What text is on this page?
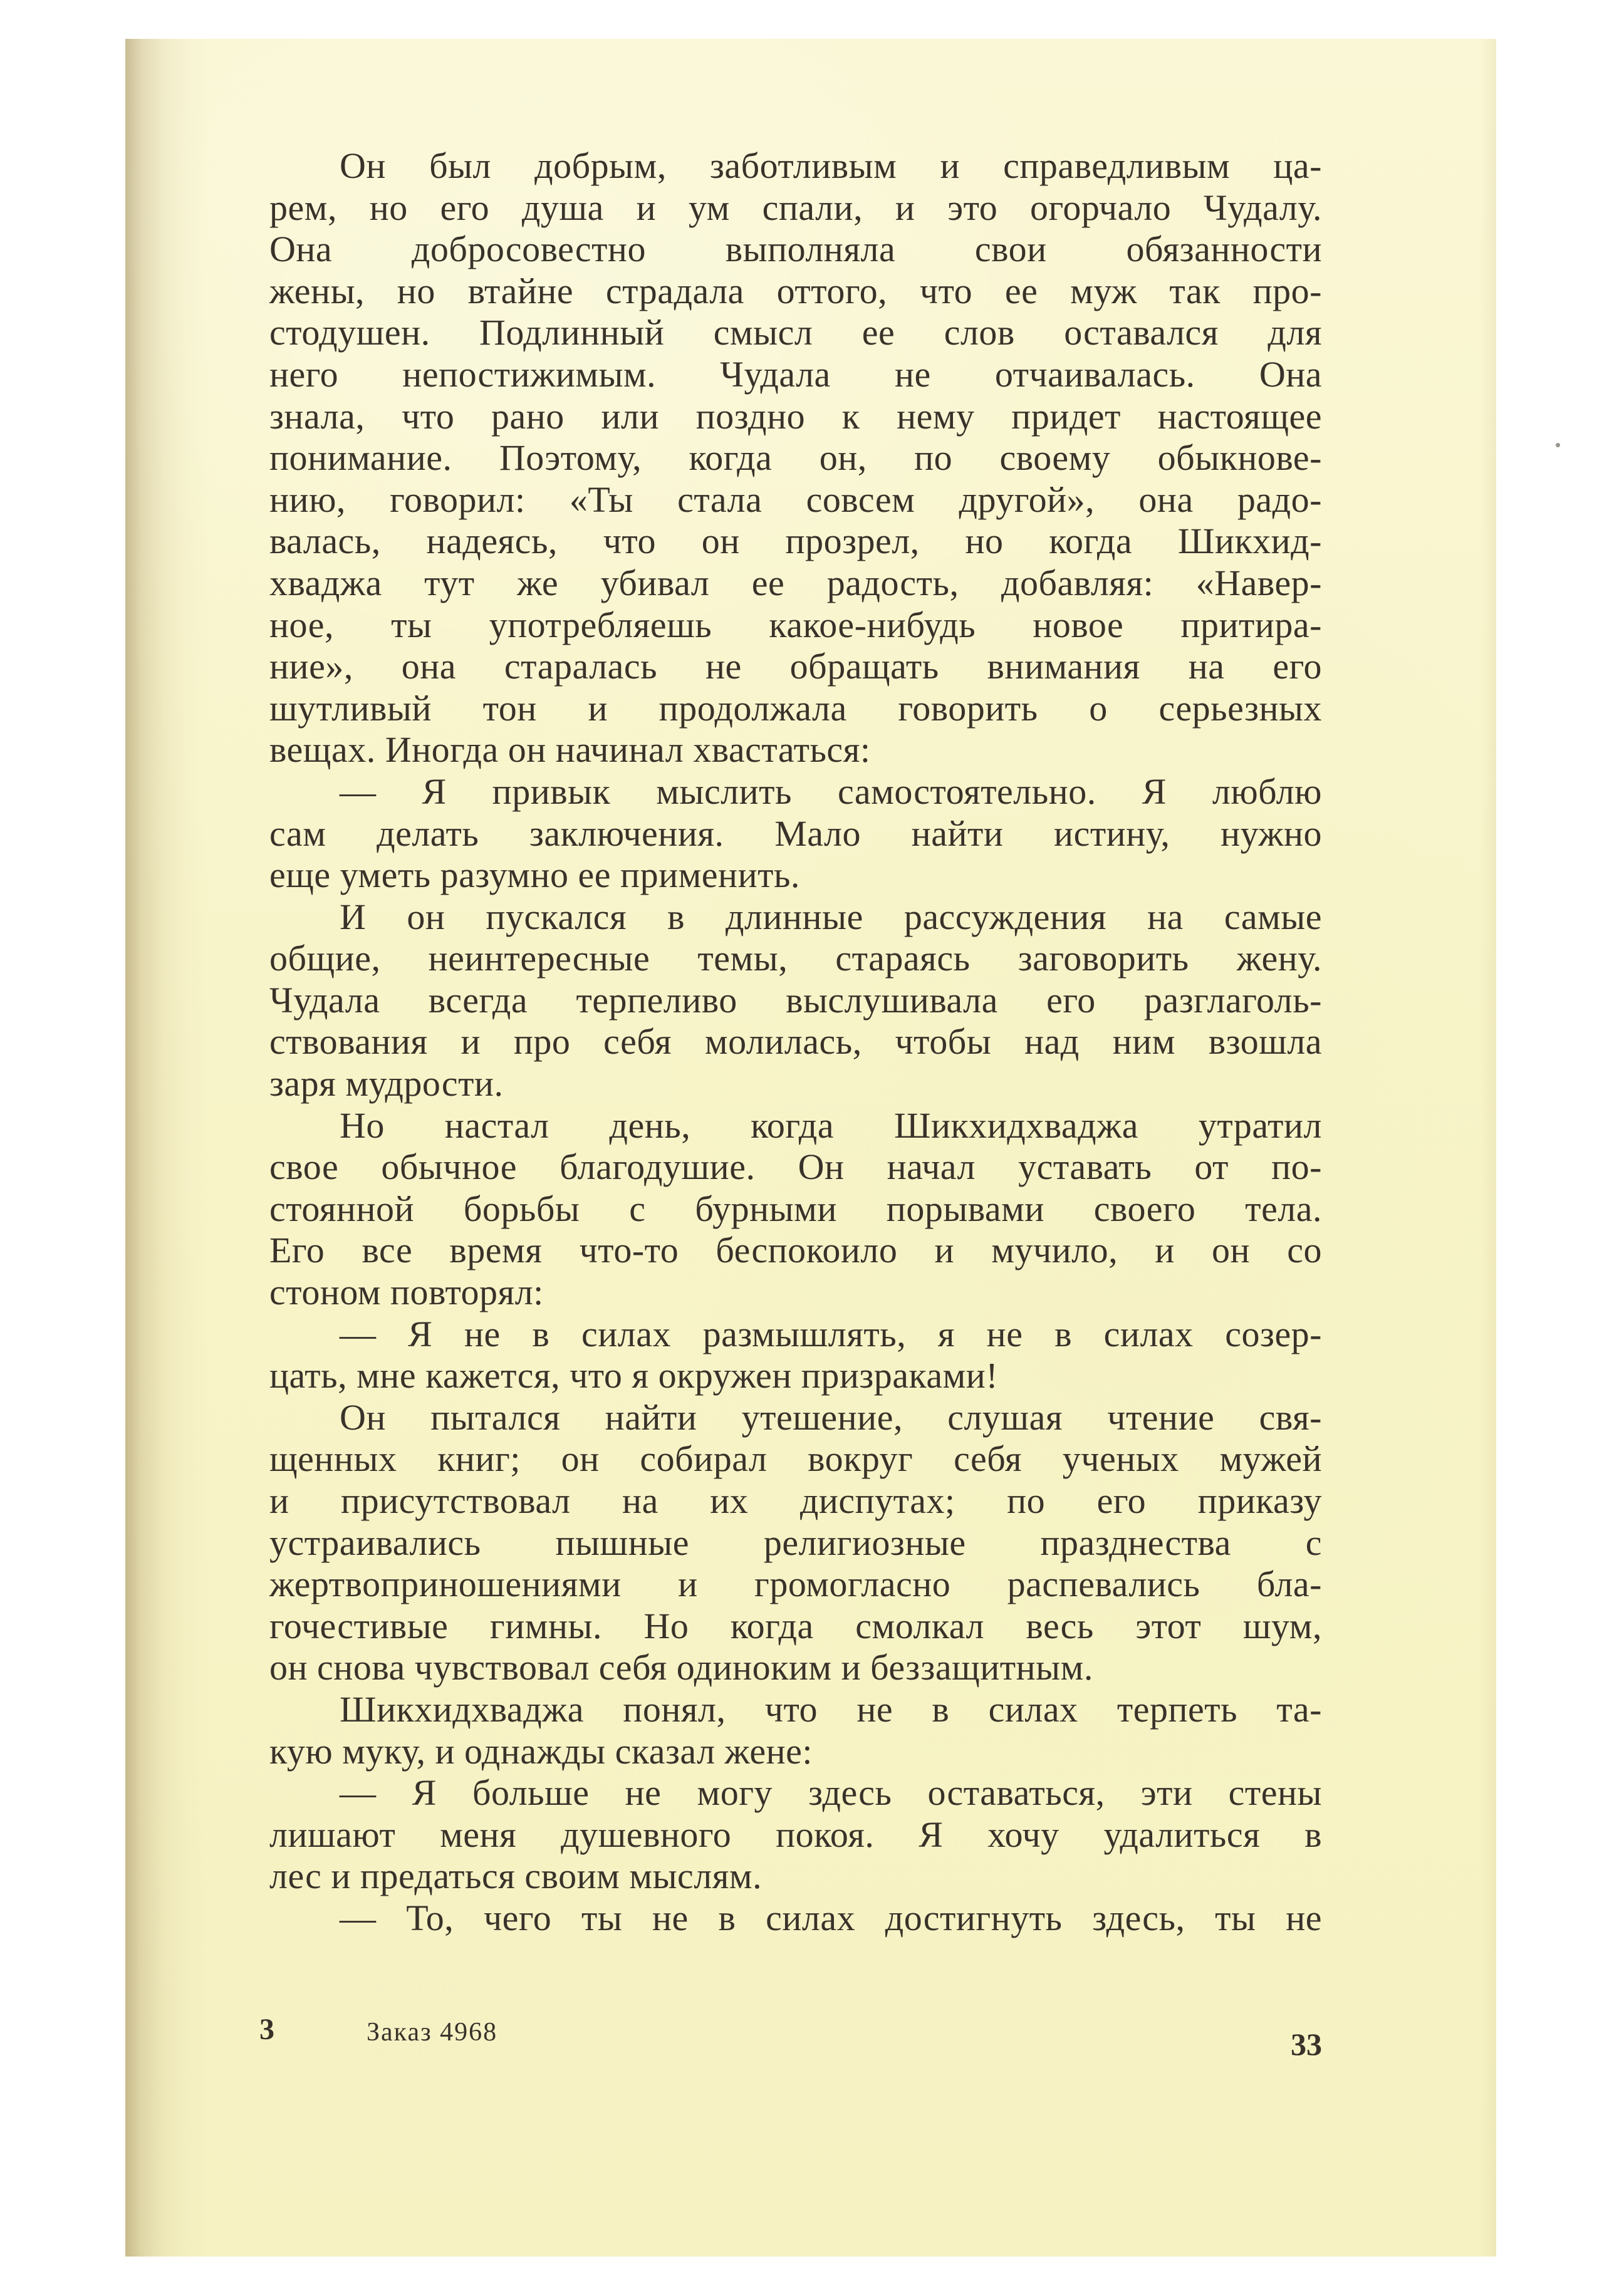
Он был добрым, заботливым и справедливым ца-

рем, но его душа и ум спали, и это огорчало Чудалу.

Она добросовестно выполняла свои обязанности

жены, но втайне страдала оттого, что ее муж так про-

стодушен. Подлинный смысл ее слов оставался для

него непостижимым. Чудала не отчаивалась. Она

знала, что рано или поздно к нему придет настоящее

понимание. Поэтому, когда он, по своему обыкнове-

нию, говорил: «Ты стала совсем другой», она радо-

валась, надеясь, что он прозрел, но когда Шикхид-

хваджа тут же убивал ее радость, добавляя: «Навер-

ное, ты употребляешь какое-нибудь новое притира-

ние», она старалась не обращать внимания на его

шутливый тон и продолжала говорить о серьезных

вещах. Иногда он начинал хвастаться:

— Я привык мыслить самостоятельно. Я люблю

сам делать заключения. Мало найти истину, нужно

еще уметь разумно ее применить.

И он пускался в длинные рассуждения на самые

общие, неинтересные темы, стараясь заговорить жену.

Чудала всегда терпеливо выслушивала его разглаголь-

ствования и про себя молилась, чтобы над ним взошла

заря мудрости.

Но настал день, когда Шикхидхваджа утратил

свое обычное благодушие. Он начал уставать от по-

стоянной борьбы с бурными порывами своего тела.

Его все время что-то беспокоило и мучило, и он со

стоном повторял:

— Я не в силах размышлять, я не в силах созер-

цать, мне кажется, что я окружен призраками!

Он пытался найти утешение, слушая чтение свя-

щенных книг; он собирал вокруг себя ученых мужей

и присутствовал на их диспутах; по его приказу

устраивались пышные религиозные празднества с

жертвоприношениями и громогласно распевались бла-

гочестивые гимны. Но когда смолкал весь этот шум,

он снова чувствовал себя одиноким и беззащитным.

Шикхидхваджа понял, что не в силах терпеть та-

кую муку, и однажды сказал жене:

— Я больше не могу здесь оставаться, эти стены

лишают меня душевного покоя. Я хочу удалиться в

лес и предаться своим мыслям.

— То, чего ты не в силах достигнуть здесь, ты не

3	Заказ 4968	33
